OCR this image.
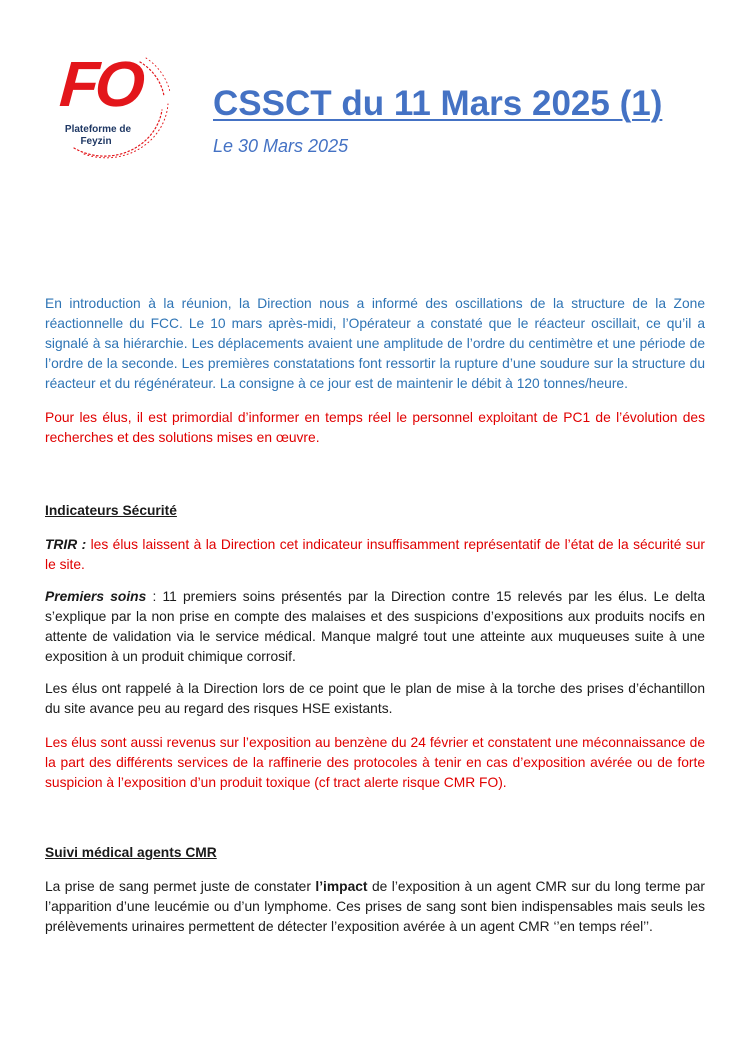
FO
Plateforme de
Feyzin
CSSCT du 11 Mars 2025 (1)

Le 30 Mars 2025

En introduction à la réunion, la Direction nous a informé des oscillations de la structure de la Zone réactionnelle du FCC. Le 10 mars après-midi, l’Opérateur a constaté que le réacteur oscillait, ce qu’il a signalé à sa hiérarchie. Les déplacements avaient une amplitude de l’ordre du centimètre et une période de l’ordre de la seconde. Les premières constatations font ressortir la rupture d’une soudure sur la structure du réacteur et du régénérateur. La consigne à ce jour est de maintenir le débit à 120 tonnes/heure.

Pour les élus, il est primordial d’informer en temps réel le personnel exploitant de PC1 de l’évolution des recherches et des solutions mises en œuvre.

Indicateurs Sécurité

TRIR : les élus laissent à la Direction cet indicateur insuffisamment représentatif de l’état de la sécurité sur le site.

Premiers soins : 11 premiers soins présentés par la Direction contre 15 relevés par les élus. Le delta s’explique par la non prise en compte des malaises et des suspicions d’expositions aux produits nocifs en attente de validation via le service médical. Manque malgré tout une atteinte aux muqueuses suite à une exposition à un produit chimique corrosif.

Les élus ont rappelé à la Direction lors de ce point que le plan de mise à la torche des prises d’échantillon du site avance peu au regard des risques HSE existants.

Les élus sont aussi revenus sur l’exposition au benzène du 24 février et constatent une méconnaissance de la part des différents services de la raffinerie des protocoles à tenir en cas d’exposition avérée ou de forte suspicion à l’exposition d’un produit toxique (cf tract alerte risque CMR FO).

Suivi médical agents CMR

La prise de sang permet juste de constater l’impact de l’exposition à un agent CMR sur du long terme par l’apparition d’une leucémie ou d’un lymphome. Ces prises de sang sont bien indispensables mais seuls les prélèvements urinaires permettent de détecter l’exposition avérée à un agent CMR ‘’en temps réel’’.
